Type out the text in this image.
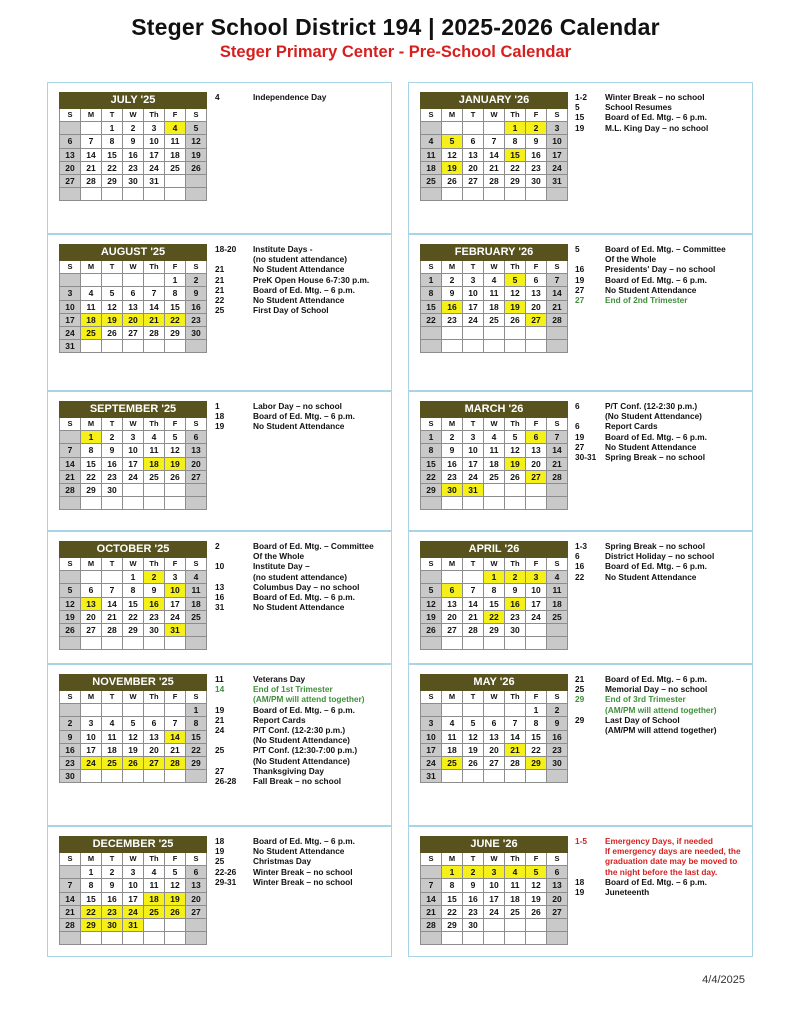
Steger School District 194 | 2025-2026 Calendar
Steger Primary Center - Pre-School Calendar
JULY '25						
S	M	T	W	Th	F	S
		1	2	3	4	5
6	7	8	9	10	11	12
13	14	15	16	17	18	19
20	21	22	23	24	25	26
27	28	29	30	31		

4	Independence Day	JANUARY '26						
S	M	T	W	Th	F	S
				1	2	3
4	5	6	7	8	9	10
11	12	13	14	15	16	17
18	19	20	21	22	23	24
25	26	27	28	29	30	31

1-2	Winter Break – no school
5	School Resumes
15	Board of Ed. Mtg. – 6 p.m.
19	M.L. King Day – no school
AUGUST '25						
S	M	T	W	Th	F	S
					1	2
3	4	5	6	7	8	9
10	11	12	13	14	15	16
17	18	19	20	21	22	23
24	25	26	27	28	29	30
31						
18-20	Institute Days -
(no student attendance)
21	No Student Attendance
21	PreK Open House 6-7:30 p.m.
21	Board of Ed. Mtg. – 6 p.m.
22	No Student Attendance
25	First Day of School
FEBRUARY '26						
S	M	T	W	Th	F	S
1	2	3	4	5	6	7
8	9	10	11	12	13	14
15	16	17	18	19	20	21
22	23	24	25	26	27	28

5	Board of Ed. Mtg. – Committee
Of the Whole
16	Presidents' Day – no school
19	Board of Ed. Mtg. – 6 p.m.
27	No Student Attendance
27	End of 2nd Trimester
SEPTEMBER '25						
S	M	T	W	Th	F	S
	1	2	3	4	5	6
7	8	9	10	11	12	13
14	15	16	17	18	19	20
21	22	23	24	25	26	27
28	29	30				

1	Labor Day – no school
18	Board of Ed. Mtg. – 6 p.m.
19	No Student Attendance
MARCH '26						
S	M	T	W	Th	F	S
1	2	3	4	5	6	7
8	9	10	11	12	13	14
15	16	17	18	19	20	21
22	23	24	25	26	27	28
29	30	31				

6	P/T Conf. (12-2:30 p.m.)
(No Student Attendance)
6	Report Cards
19	Board of Ed. Mtg. – 6 p.m.
27	No Student Attendance
30-31	Spring Break – no school
OCTOBER '25						
S	M	T	W	Th	F	S
			1	2	3	4
5	6	7	8	9	10	11
12	13	14	15	16	17	18
19	20	21	22	23	24	25
26	27	28	29	30	31	

2	Board of Ed. Mtg. – Committee
Of the Whole
10	Institute Day –
(no student attendance)
13	Columbus Day – no school
16	Board of Ed. Mtg. – 6 p.m.
31	No Student Attendance
APRIL '26						
S	M	T	W	Th	F	S
			1	2	3	4
5	6	7	8	9	10	11
12	13	14	15	16	17	18
19	20	21	22	23	24	25
26	27	28	29	30		

1-3	Spring Break – no school
6	District Holiday – no school
16	Board of Ed. Mtg. – 6 p.m.
22	No Student Attendance
NOVEMBER '25						
S	M	T	W	Th	F	S
						1
2	3	4	5	6	7	8
9	10	11	12	13	14	15
16	17	18	19	20	21	22
23	24	25	26	27	28	29
30						
11	Veterans Day
14	End of 1st Trimester
(AM/PM will attend together)
19	Board of Ed. Mtg. – 6 p.m.
21	Report Cards
24	P/T Conf. (12-2:30 p.m.)
(No Student Attendance)
25	P/T Conf. (12:30-7:00 p.m.)
(No Student Attendance)
27	Thanksgiving Day
26-28	Fall Break – no school
MAY '26						
S	M	T	W	Th	F	S
					1	2
3	4	5	6	7	8	9
10	11	12	13	14	15	16
17	18	19	20	21	22	23
24	25	26	27	28	29	30
31						
21	Board of Ed. Mtg. – 6 p.m.
25	Memorial Day – no school
29	End of 3rd Trimester
(AM/PM will attend together)
29	Last Day of School
(AM/PM will attend together)
DECEMBER '25						
S	M	T	W	Th	F	S
	1	2	3	4	5	6
7	8	9	10	11	12	13
14	15	16	17	18	19	20
21	22	23	24	25	26	27
28	29	30	31			

18	Board of Ed. Mtg. – 6 p.m.
19	No Student Attendance
25	Christmas Day
22-26	Winter Break – no school
29-31	Winter Break – no school
JUNE '26						
S	M	T	W	Th	F	S
	1	2	3	4	5	6
7	8	9	10	11	12	13
14	15	16	17	18	19	20
21	22	23	24	25	26	27
28	29	30				

1-5	Emergency Days, if needed
If emergency days are needed, the graduation date may be moved to the night before the last day.
18	Board of Ed. Mtg. – 6 p.m.
19	Juneteenth
4/4/2025
